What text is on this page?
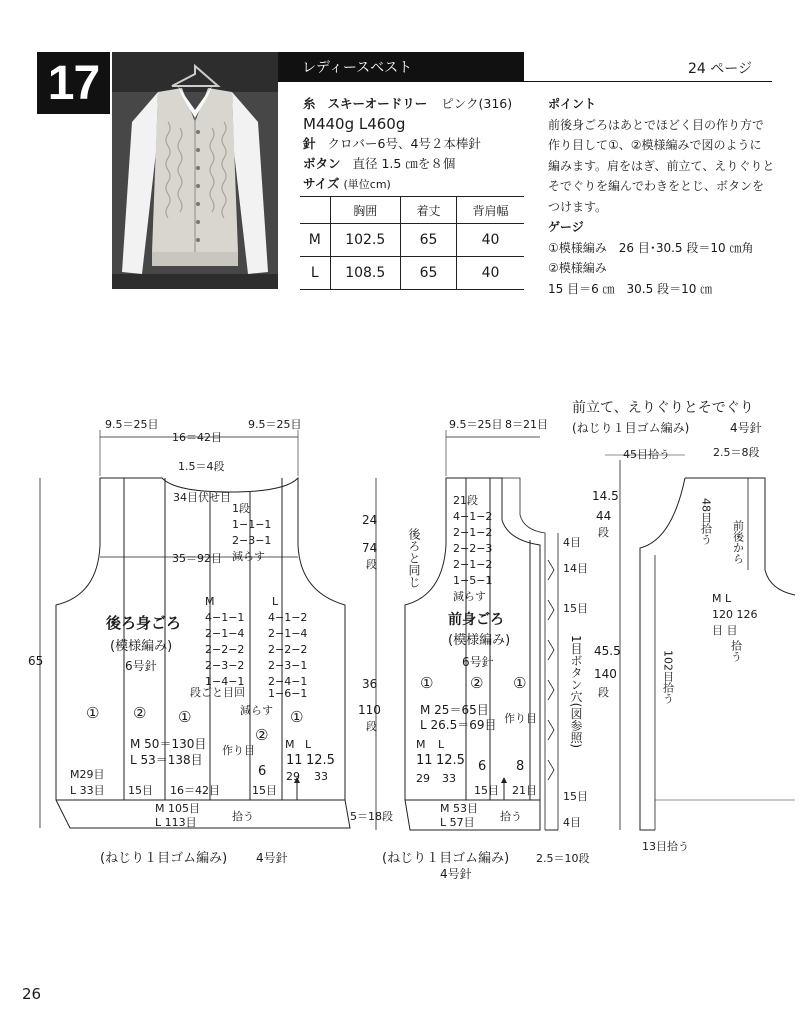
17	レディースベスト	24 ページ
糸 スキーオードリー ピンク(316)
M440g L460g
針 クロバー6号、4号２本棒針
ボタン 直径 1.5 ㎝を８個
サイズ (単位cm)
	胸囲	着丈	背肩幅
M	102.5	65	40
L	108.5	65	40
ポイント
前後身ごろはあとでほどく目の作り方で
作り目して①、②模様編みで図のように
編みます。肩をはぎ、前立て、えりぐりと
そでぐりを編んでわきをとじ、ボタンを
つけます。
ゲージ
①模様編み　26 目･30.5 段＝10 ㎝角
②模様編み
15 目＝6 ㎝　30.5 段＝10 ㎝
9.5＝25目
16＝42目
9.5＝25目
1.5＝4段
34目伏せ目
1段
1−1−1
2−3−1
減らす
35＝92目
後ろ身ごろ
(模様編み)
6号針
M	L
4−1−1
2−1−4
2−2−2
2−3−2
1−4−1
4−1−2
2−1−4
2−2−2
2−3−1
2−4−1
段ごと目回 1−6−1
減らす
① ② ①
②
①
M 50＝130目
L 53＝138目
作り目
M29目
L 33目 15目 16＝42目
6
15目
M L
11 12.5
29 33
M 105目
L 113目	拾う
(ねじり１目ゴム編み) 4号針
65
9.5＝25目 8＝21目
21段
4−1−2
2−1−2
2−2−3
2−1−2
1−5−1
減らす
後ろと同じ
前身ごろ
(模様編み)
6号針
① ② ①
M 25＝65目
L 26.5＝69目 作り目
M L
11 12.5
29 33
6
15目
8
21目
M 53目
L 57目 拾う
(ねじり１目ゴム編み)
4号針
24
74
段
36
110
段
5＝18段
2.5＝10段
1目ボタン穴(図参照)
4目
14目
15目
15目
4目
前立て、えりぐりとそでぐり
(ねじり１目ゴム編み)	4号針
45目拾う	2.5＝8段
14.5
44
段
45.5
140
段
48目拾う 前後から
M L
120 126
目 目
拾う
102目拾う
13目拾う
26
